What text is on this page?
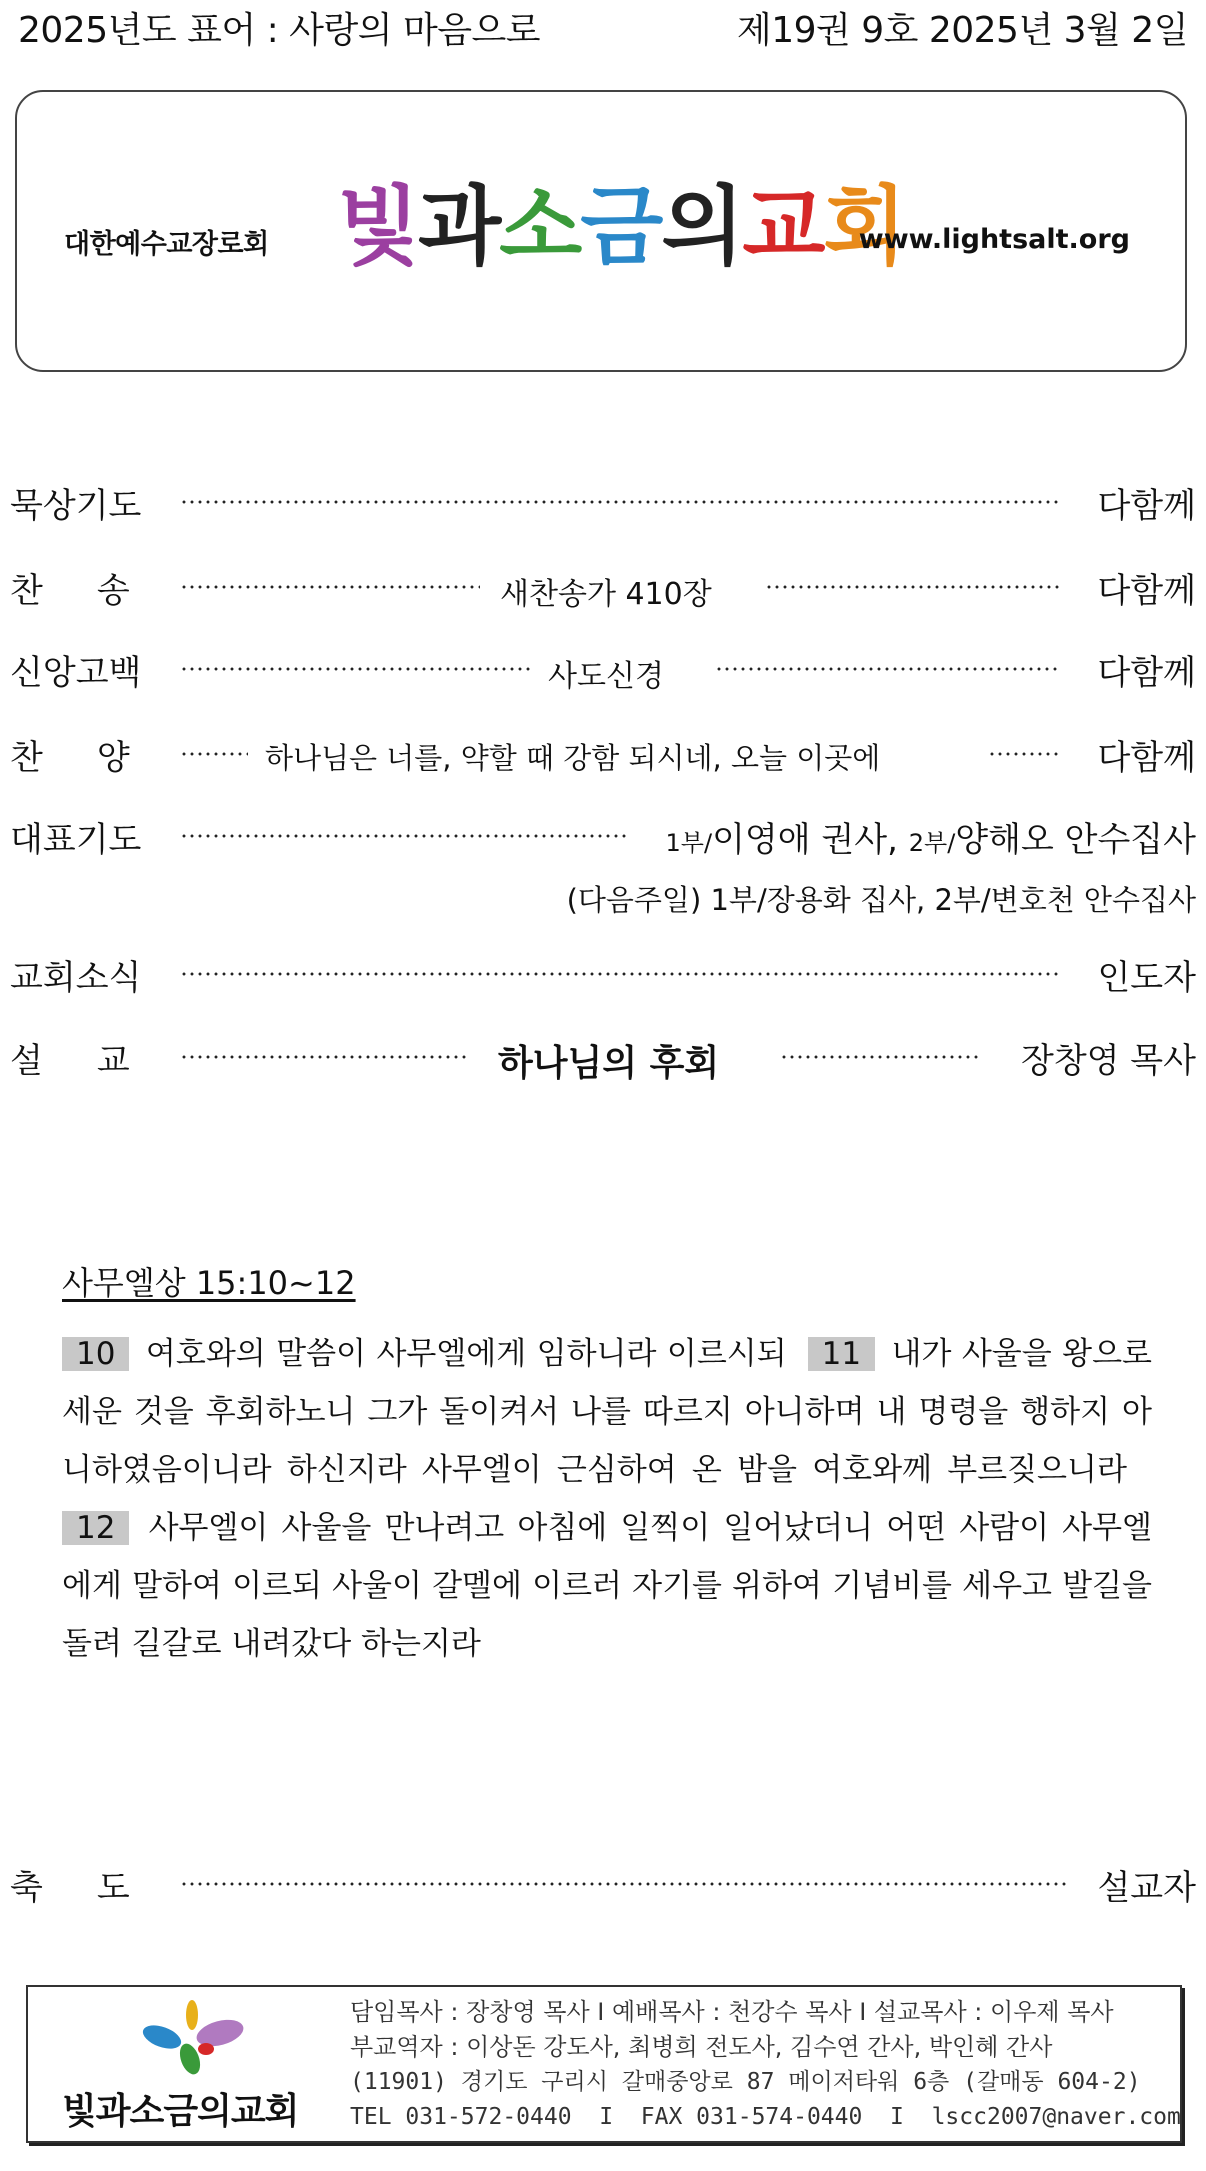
2025년도 표어 : 사랑의 마음으로	제19권 9호 2025년 3월 2일
대한예수교장로회 빛과소금의교회
www.lightsalt.org
묵상기도	다함께
찬     송	새찬송가 410장	다함께
신앙고백	사도신경	다함께
찬     양	하나님은 너를, 약할 때 강함 되시네, 오늘 이곳에	다함께
대표기도	1부/이영애 권사, 2부/양해오 안수집사
(다음주일) 1부/장용화 집사, 2부/변호천 안수집사
교회소식	인도자
설     교	하나님의 후회	장창영 목사
사무엘상 15:10~12
10 여호와의 말씀이 사무엘에게 임하니라 이르시되 11 내가 사울을 왕으로 세운 것을 후회하노니 그가 돌이켜서 나를 따르지 아니하며 내 명령을 행하지 아니하였음이니라 하신지라 사무엘이 근심하여 온 밤을 여호와께 부르짖으니라  12 사무엘이 사울을 만나려고 아침에 일찍이 일어났더니 어떤 사람이 사무엘에게 말하여 이르되 사울이 갈멜에 이르러 자기를 위하여 기념비를 세우고 발길을 돌려 길갈로 내려갔다 하는지라
축     도	설교자
빛과소금의교회
담임목사 : 장창영 목사 I 예배목사 : 천강수 목사 I 설교목사 : 이우제 목사
부교역자 : 이상돈 강도사, 최병희 전도사, 김수연 간사, 박인혜 간사
(11901) 경기도 구리시 갈매중앙로 87 메이저타워 6층 (갈매동 604-2)
TEL 031-572-0440  I  FAX 031-574-0440  I  lscc2007@naver.com
